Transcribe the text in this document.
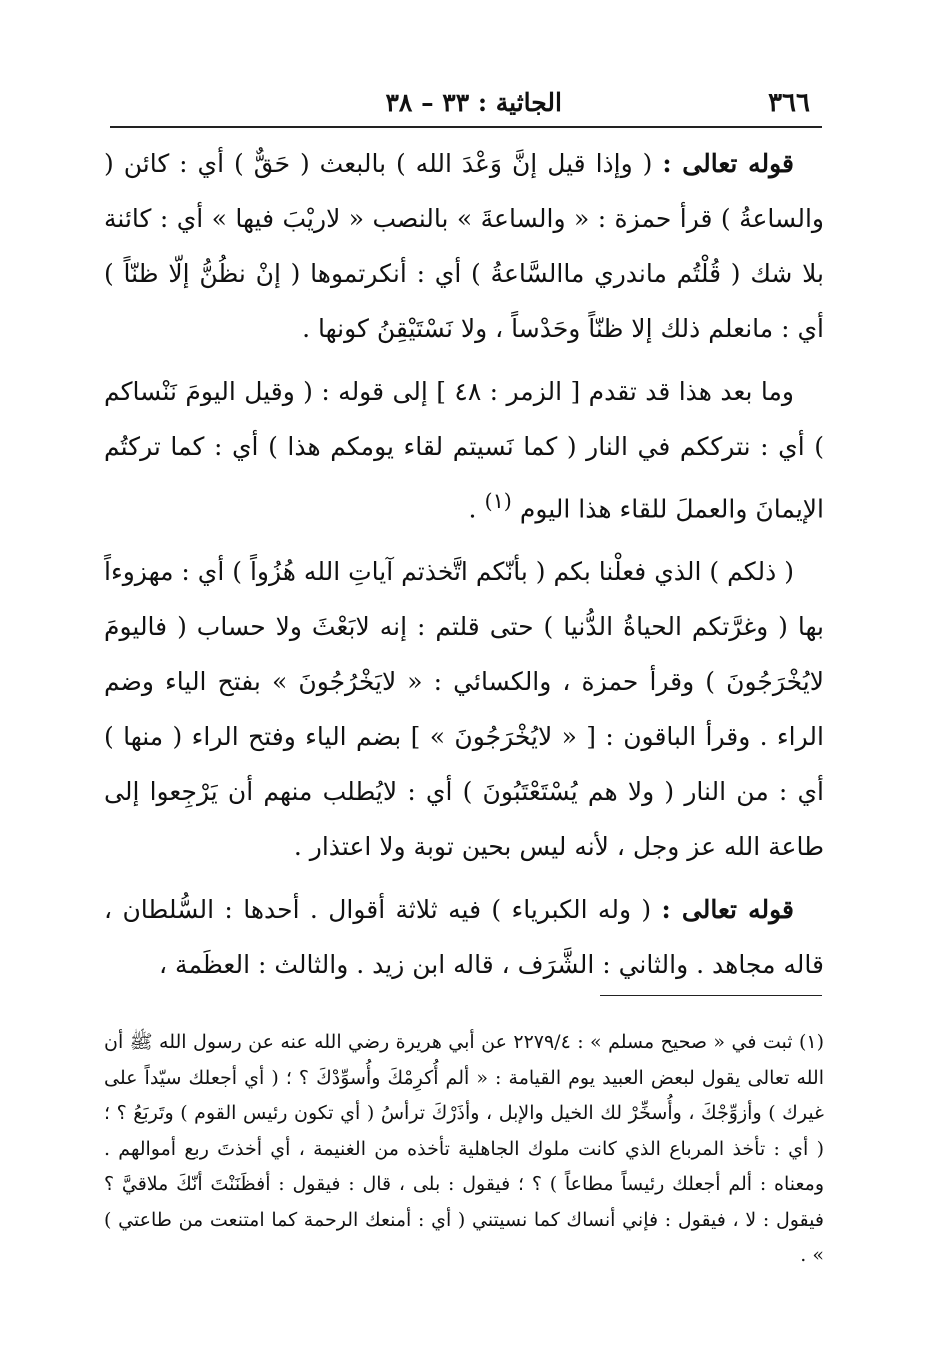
٣٦٦
الجاثية : ٣٣ – ٣٨

قوله تعالى : ( وإذا قيل إنَّ وَعْدَ الله ) بالبعث ( حَقٌّ ) أي : كائن ( والساعةُ ) قرأ حمزة : « والساعةَ » بالنصب « لاريْبَ فيها » أي : كائنة بلا شك ( قُلْتُم ماندري ماالسَّاعةُ ) أي : أنكرتموها ( إنْ نظُنُّ إلّا ظنّاً ) أي : مانعلم ذلك إلا ظنّاً وحَدْساً ، ولا نَسْتَيْقِنُ كونها .

وما بعد هذا قد تقدم [ الزمر : ٤٨ ] إلى قوله : ( وقيل اليومَ نَنْساكم ) أي : نترككم في النار ( كما نَسيتم لقاء يومكم هذا ) أي : كما تركتُم الإيمانَ والعملَ للقاء هذا اليوم $^{(١)}$ .

( ذلكم ) الذي فعلْنا بكم ( بأنّكم اتَّخذتم آياتِ الله هُزُواً ) أي : مهزوءاً بها ( وغرَّتكم الحياةُ الدُّنيا ) حتى قلتم : إنه لابَعْثَ ولا حساب ( فاليومَ لايُخْرَجُونَ ) وقرأ حمزة ، والكسائي : « لايَخْرُجُونَ » بفتح الياء وضم الراء . وقرأ الباقون : [ « لايُخْرَجُونَ » ] بضم الياء وفتح الراء ( منها ) أي : من النار ( ولا هم يُسْتَعْتَبُونَ ) أي : لايُطلب منهم أن يَرْجِعوا إلى طاعة الله عز وجل ، لأنه ليس بحين توبة ولا اعتذار .

قوله تعالى : ( وله الكبرياء ) فيه ثلاثة أقوال . أحدها : السُّلطان ، قاله مجاهد . والثاني : الشَّرَف ، قاله ابن زيد . والثالث : العظَمة ،

(١) ثبت في « صحيح مسلم » : ٢٢٧٩/٤ عن أبي هريرة رضي الله عنه عن رسول الله ﷺ أن الله تعالى يقول لبعض العبيد يوم القيامة : « ألم أُكرِمْكَ وأُسوِّدْكَ ؟ ؛ ( أي أجعلك سيّداً على غيرك ) وأزوِّجْكَ ، وأُسخِّرْ لك الخيل والإبل ، وأذَرْكَ ترأسُ ( أي تكون رئيس القوم ) وتَربَعُ ؟ ؛ ( أي : تأخذ المرباع الذي كانت ملوك الجاهلية تأخذه من الغنيمة ، أي أخذتَ ربع أموالهم . ومعناه : ألم أجعلك رئيساً مطاعاً ) ؟ ؛ فيقول : بلى ، قال : فيقول : أفظَنَنْتَ أنّكَ ملاقيَّ ؟ فيقول : لا ، فيقول : فإني أنساك كما نسيتني ( أي : أمنعك الرحمة كما امتنعت من طاعتي ) » .
